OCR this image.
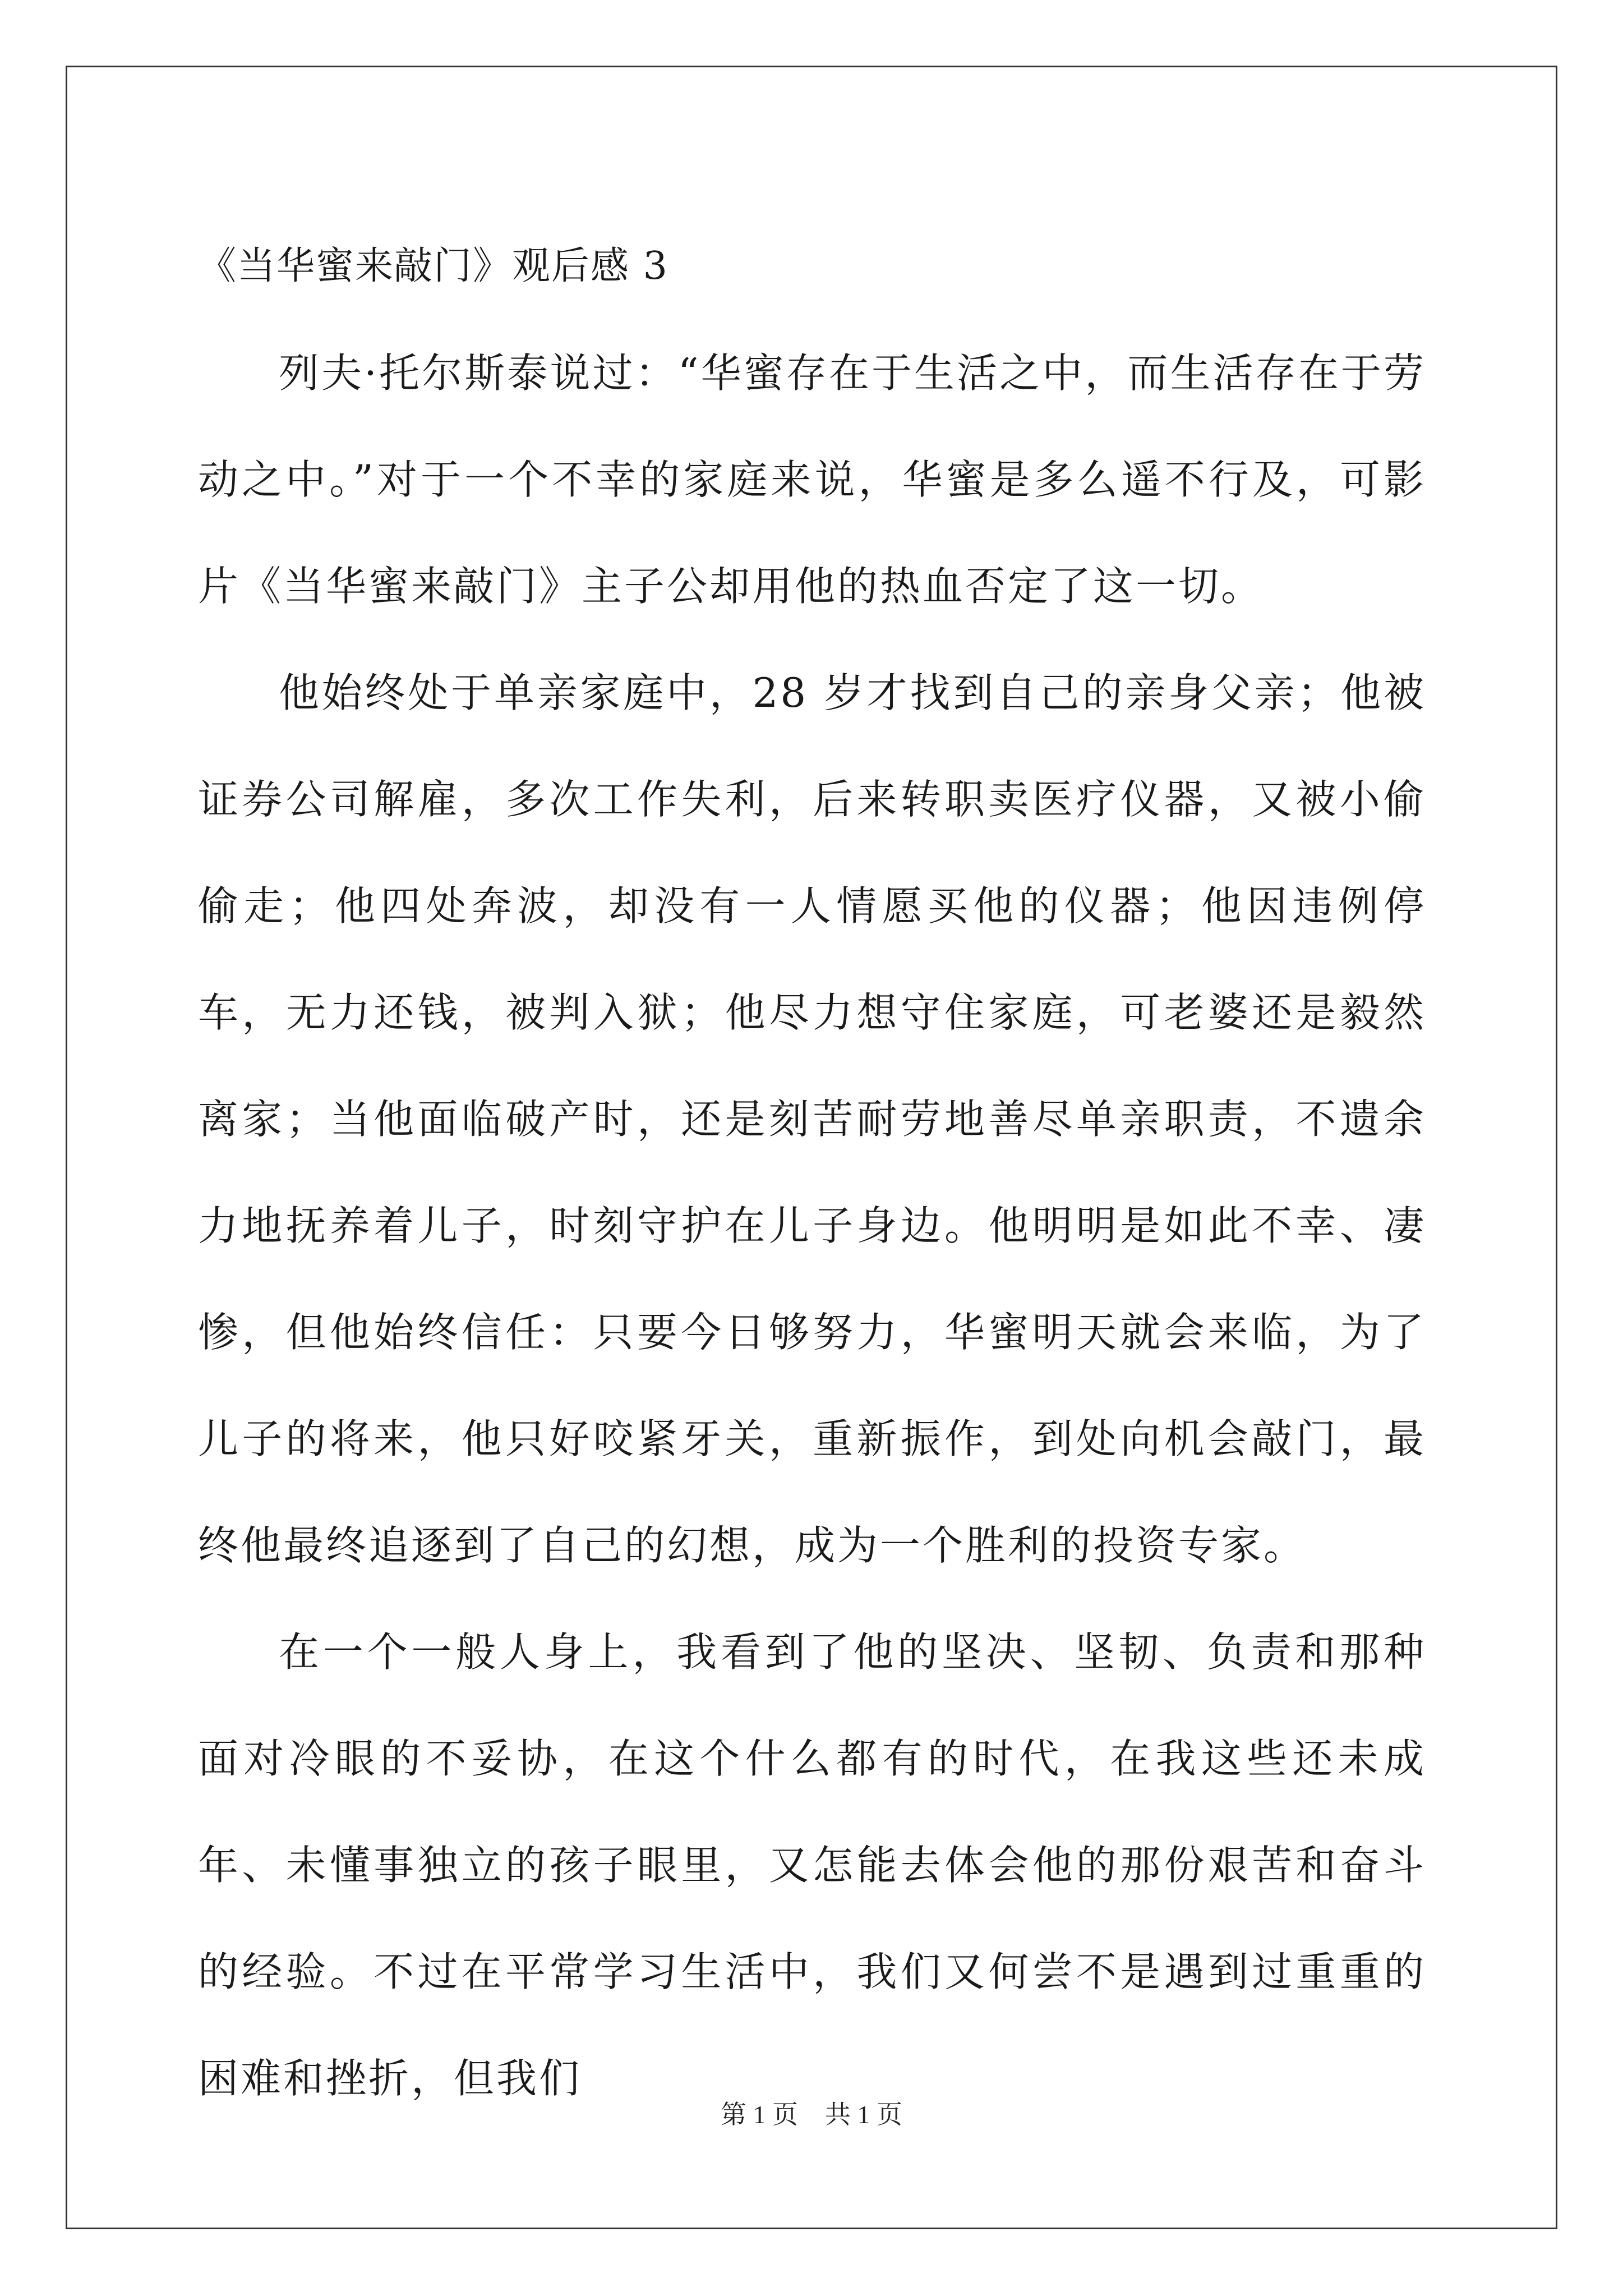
《当华蜜来敲门》观后感 3

列夫·托尔斯泰说过：“华蜜存在于生活之中，而生活存在于劳动之中。”对于一个不幸的家庭来说，华蜜是多么遥不行及，可影片《当华蜜来敲门》主子公却用他的热血否定了这一切。

他始终处于单亲家庭中，28 岁才找到自己的亲身父亲；他被证券公司解雇，多次工作失利，后来转职卖医疗仪器，又被小偷偷走；他四处奔波，却没有一人情愿买他的仪器；他因违例停车，无力还钱，被判入狱；他尽力想守住家庭，可老婆还是毅然离家；当他面临破产时，还是刻苦耐劳地善尽单亲职责，不遗余力地抚养着儿子，时刻守护在儿子身边。他明明是如此不幸、凄惨，但他始终信任：只要今日够努力，华蜜明天就会来临，为了儿子的将来，他只好咬紧牙关，重新振作，到处向机会敲门，最终他最终追逐到了自己的幻想，成为一个胜利的投资专家。

在一个一般人身上，我看到了他的坚决、坚韧、负责和那种面对冷眼的不妥协，在这个什么都有的时代，在我这些还未成年、未懂事独立的孩子眼里，又怎能去体会他的那份艰苦和奋斗的经验。不过在平常学习生活中，我们又何尝不是遇到过重重的困难和挫折，但我们

第 1 页 共 1 页
